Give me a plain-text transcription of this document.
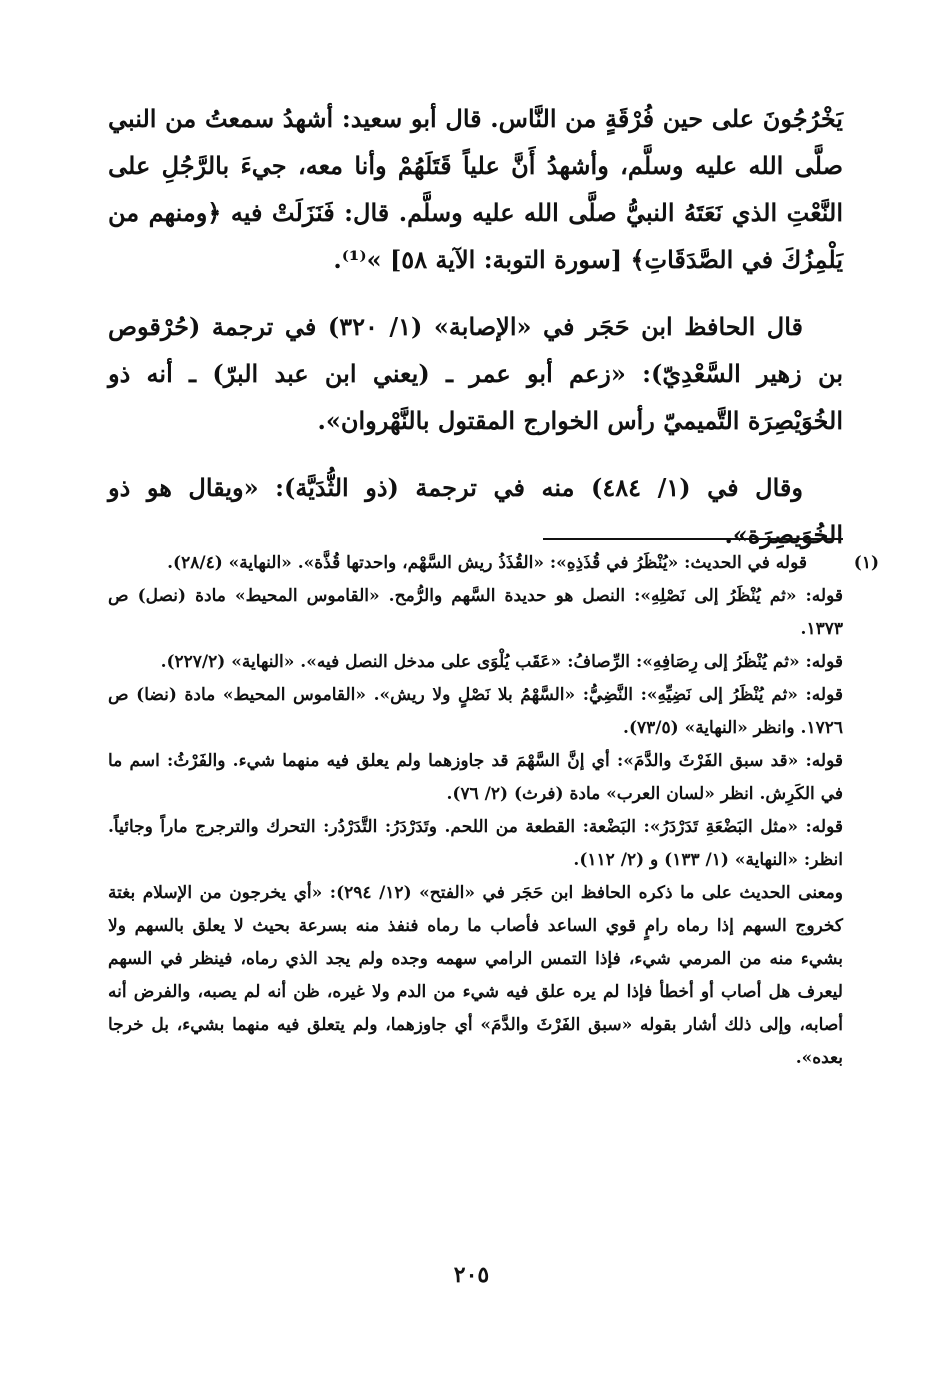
يَخْرُجُونَ على حين فُرْقَةٍ من النَّاس. قال أبو سعيد: أشهدُ سمعتُ من النبي صلَّى الله عليه وسلَّم، وأشهدُ أَنَّ علياً قَتَلَهُمْ وأنا معه، جيءَ بالرَّجُلِ على النَّعْتِ الذي نَعَتَهُ النبيُّ صلَّى الله عليه وسلَّم. قال: فَنَزَلَتْ فيه ﴿ومنهم من يَلْمِزُكَ في الصَّدَقَاتِ﴾ [سورة التوبة: الآية ٥٨] »⁽¹⁾.

قال الحافظ ابن حَجَر في «الإصابة» (١/ ٣٢٠) في ترجمة (حُرْقوص بن زهير السَّعْدِيّ): «زعم أبو عمر ـ (يعني ابن عبد البرّ) ـ أنه ذو الخُوَيْصِرَة التَّميميّ رأس الخوارج المقتول بالنَّهْروان».

وقال في (١/ ٤٨٤) منه في ترجمة (ذو الثُّدَيَّة): «ويقال هو ذو الخُوَيصِرَة».

(١)قوله في الحديث: «يُنْظَرُ في قُذَذِهِ»: «القُذَذُ ريش السَّهْم، واحدتها قُذَّة». «النهاية» (٢٨/٤).

قوله: «ثم يُنْظَرُ إلى نَصْلِهِ»: النصل هو حديدة السَّهم والرُّمح. «القاموس المحيط» مادة (نصل) ص ١٣٧٣.

قوله: «ثم يُنْظَرُ إلى رِصَافِهِ»: الرِّصافُ: «عَقَب يُلْوَى على مدخل النصل فيه». «النهاية» (٢٢٧/٢).

قوله: «ثم يُنْظَرُ إلى نَضِيِّهِ»: النَّضِيُّ: «السَّهْمُ بلا نَصْلٍ ولا ريش». «القاموس المحيط» مادة (نضا) ص ١٧٢٦. وانظر «النهاية» (٧٣/٥).

قوله: «قد سبق الفَرْثَ والدَّمَ»: أي إنَّ السَّهْمَ قد جاوزهما ولم يعلق فيه منهما شيء. والفَرْثُ: اسم ما في الكَرِش. انظر «لسان العرب» مادة (فرث) (٢/ ٧٦).

قوله: «مثل البَضْعَةِ تَدَرْدَرُ»: البَضْعة: القطعة من اللحم. وتَدَرْدَرُ: التَّدَرْدُر: التحرك والترجرج ماراً وجائياً. انظر: «النهاية» (١/ ١٣٣) و (٢/ ١١٢).

ومعنى الحديث على ما ذكره الحافظ ابن حَجَر في «الفتح» (١٢/ ٢٩٤): «أي يخرجون من الإسلام بغتة كخروج السهم إذا رماه رامٍ قوي الساعد فأصاب ما رماه فنفذ منه بسرعة بحيث لا يعلق بالسهم ولا بشيء منه من المرمي شيء، فإذا التمس الرامي سهمه وجده ولم يجد الذي رماه، فينظر في السهم ليعرف هل أصاب أو أخطأ فإذا لم يره علق فيه شيء من الدم ولا غيره، ظن أنه لم يصبه، والفرض أنه أصابه، وإلى ذلك أشار بقوله «سبق الفَرْثَ والدَّمَ» أي جاوزهما، ولم يتعلق فيه منهما بشيء، بل خرجا بعده».

٢٠٥
